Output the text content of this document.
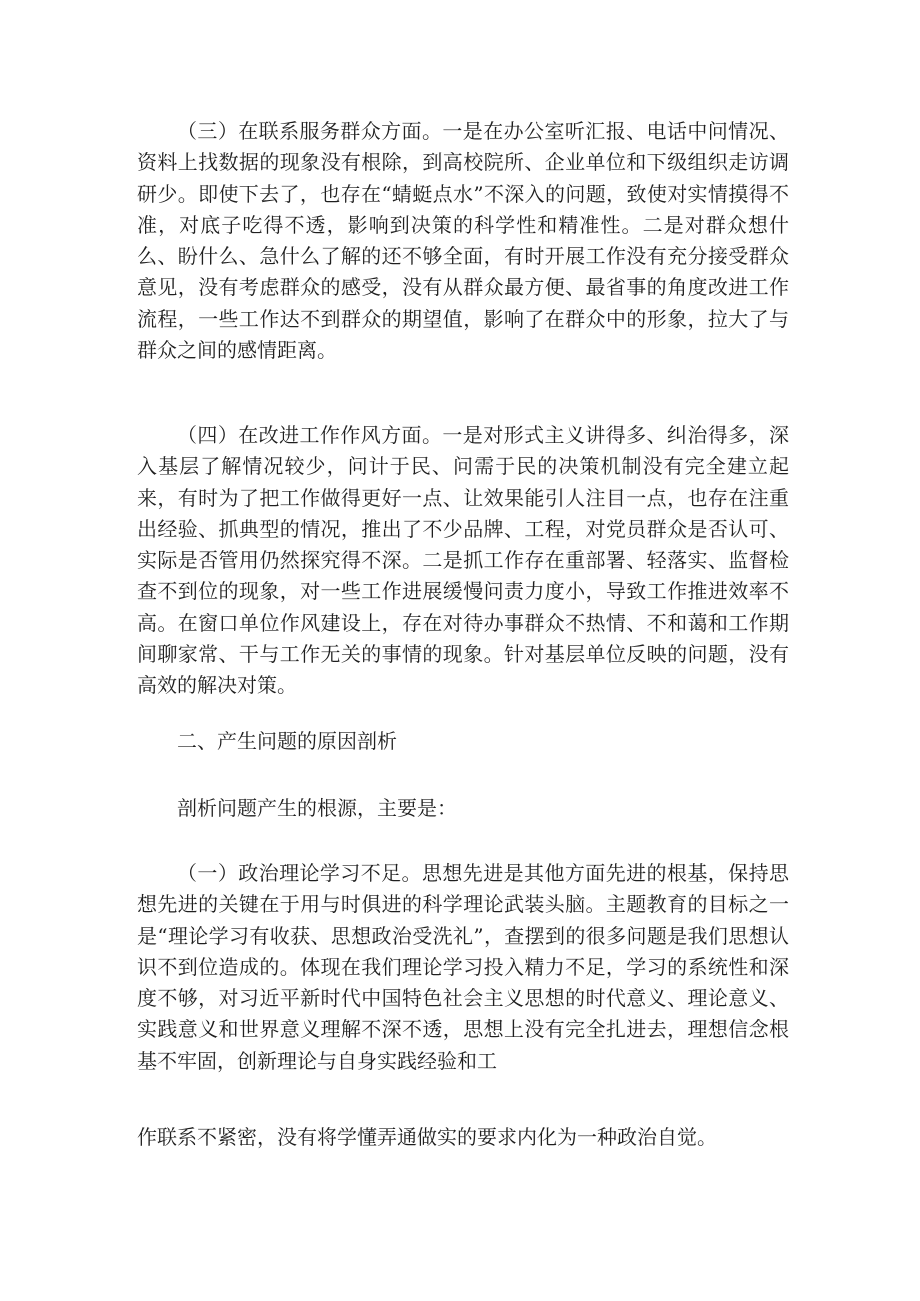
（三）在联系服务群众方面。一是在办公室听汇报、电话中问情况、资料上找数据的现象没有根除，到高校院所、企业单位和下级组织走访调研少。即使下去了，也存在“蜻蜓点水”不深入的问题，致使对实情摸得不准，对底子吃得不透，影响到决策的科学性和精准性。二是对群众想什么、盼什么、急什么了解的还不够全面，有时开展工作没有充分接受群众意见，没有考虑群众的感受，没有从群众最方便、最省事的角度改进工作流程，一些工作达不到群众的期望值，影响了在群众中的形象，拉大了与群众之间的感情距离。

（四）在改进工作作风方面。一是对形式主义讲得多、纠治得多，深入基层了解情况较少，问计于民、问需于民的决策机制没有完全建立起来，有时为了把工作做得更好一点、让效果能引人注目一点，也存在注重出经验、抓典型的情况，推出了不少品牌、工程，对党员群众是否认可、实际是否管用仍然探究得不深。二是抓工作存在重部署、轻落实、监督检查不到位的现象，对一些工作进展缓慢问责力度小，导致工作推进效率不高。在窗口单位作风建设上，存在对待办事群众不热情、不和蔼和工作期间聊家常、干与工作无关的事情的现象。针对基层单位反映的问题，没有高效的解决对策。

二、产生问题的原因剖析

剖析问题产生的根源，主要是：

（一）政治理论学习不足。思想先进是其他方面先进的根基，保持思想先进的关键在于用与时俱进的科学理论武装头脑。主题教育的目标之一是“理论学习有收获、思想政治受洗礼”，查摆到的很多问题是我们思想认识不到位造成的。体现在我们理论学习投入精力不足，学习的系统性和深度不够，对习近平新时代中国特色社会主义思想的时代意义、理论意义、实践意义和世界意义理解不深不透，思想上没有完全扎进去，理想信念根基不牢固，创新理论与自身实践经验和工

作联系不紧密，没有将学懂弄通做实的要求内化为一种政治自觉。
